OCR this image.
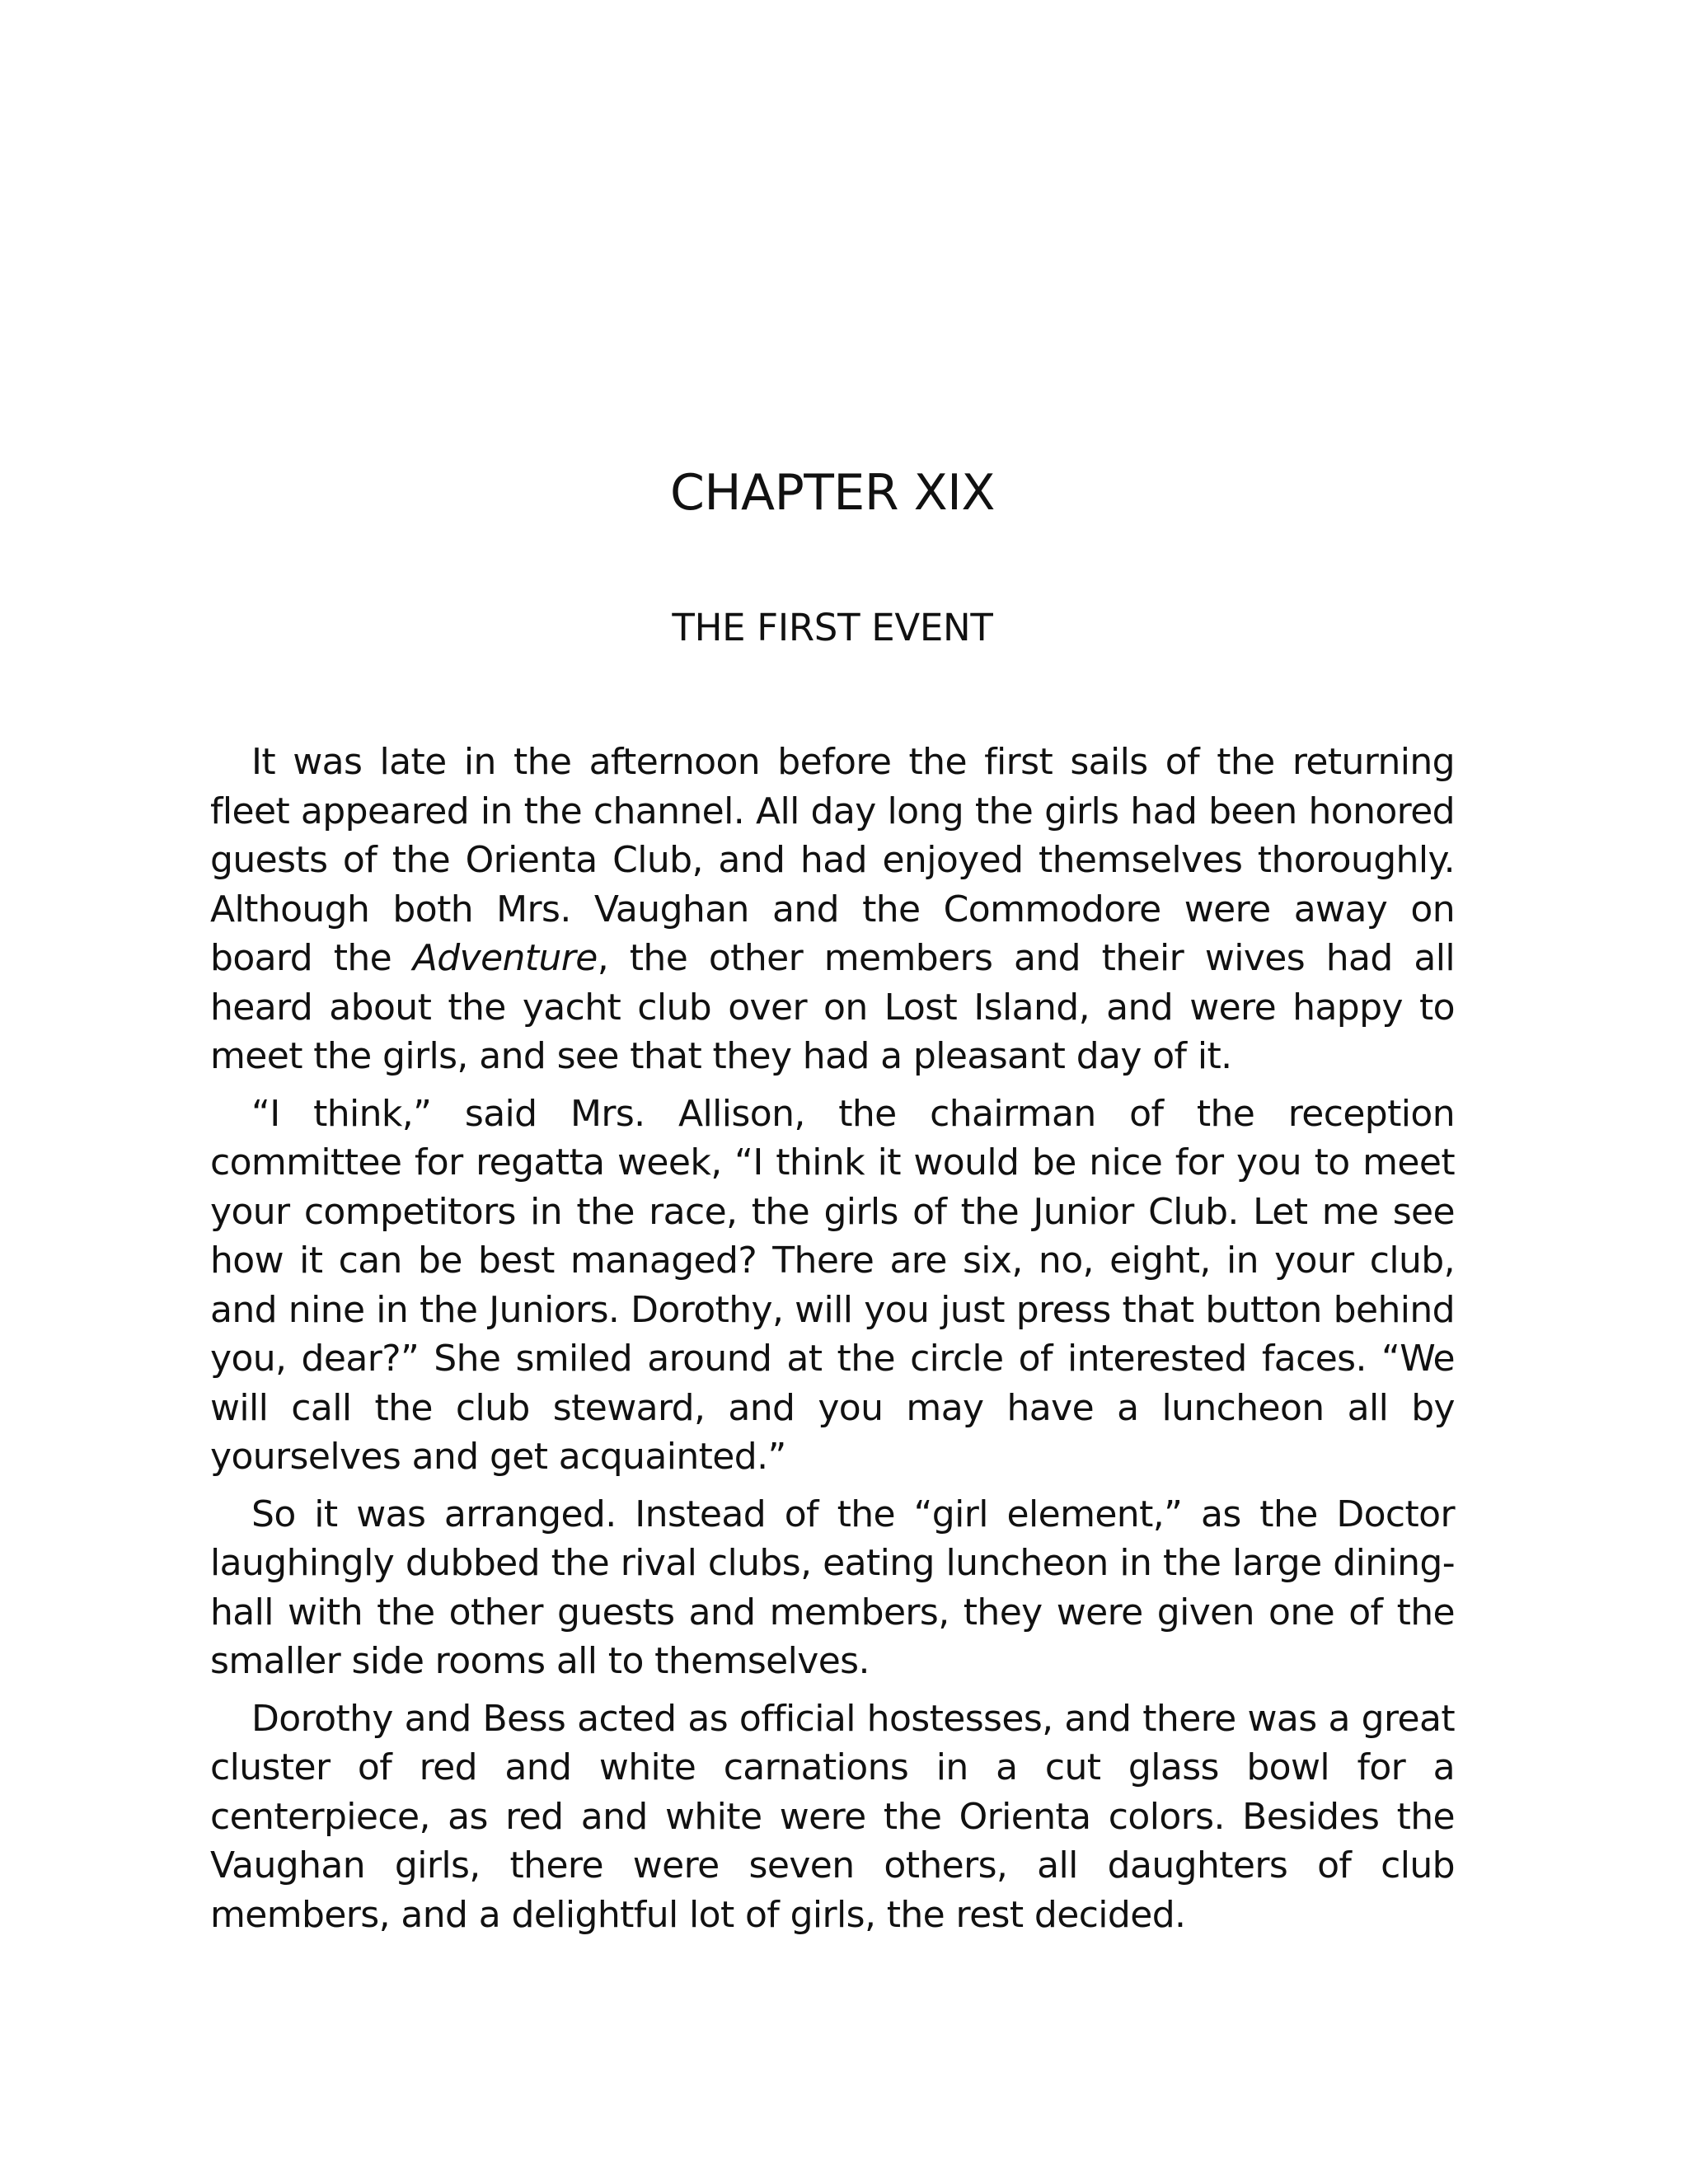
CHAPTER XIX
THE FIRST EVENT

It was late in the afternoon before the first sails of the returning fleet appeared in the channel. All day long the girls had been honored guests of the Orienta Club, and had enjoyed themselves thoroughly. Although both Mrs. Vaughan and the Commodore were away on board the Adventure, the other members and their wives had all heard about the yacht club over on Lost Island, and were happy to meet the girls, and see that they had a pleasant day of it.

“I think,” said Mrs. Allison, the chairman of the reception committee for regatta week, “I think it would be nice for you to meet your competitors in the race, the girls of the Junior Club. Let me see how it can be best managed? There are six, no, eight, in your club, and nine in the Juniors. Dorothy, will you just press that button behind you, dear?” She smiled around at the circle of interested faces. “We will call the club steward, and you may have a luncheon all by yourselves and get acquainted.”

So it was arranged. Instead of the “girl element,” as the Doctor laughingly dubbed the rival clubs, eating luncheon in the large dining-hall with the other guests and members, they were given one of the smaller side rooms all to themselves.

Dorothy and Bess acted as official hostesses, and there was a great cluster of red and white carnations in a cut glass bowl for a centerpiece, as red and white were the Orienta colors. Besides the Vaughan girls, there were seven others, all daughters of club members, and a delightful lot of girls, the rest decided.
